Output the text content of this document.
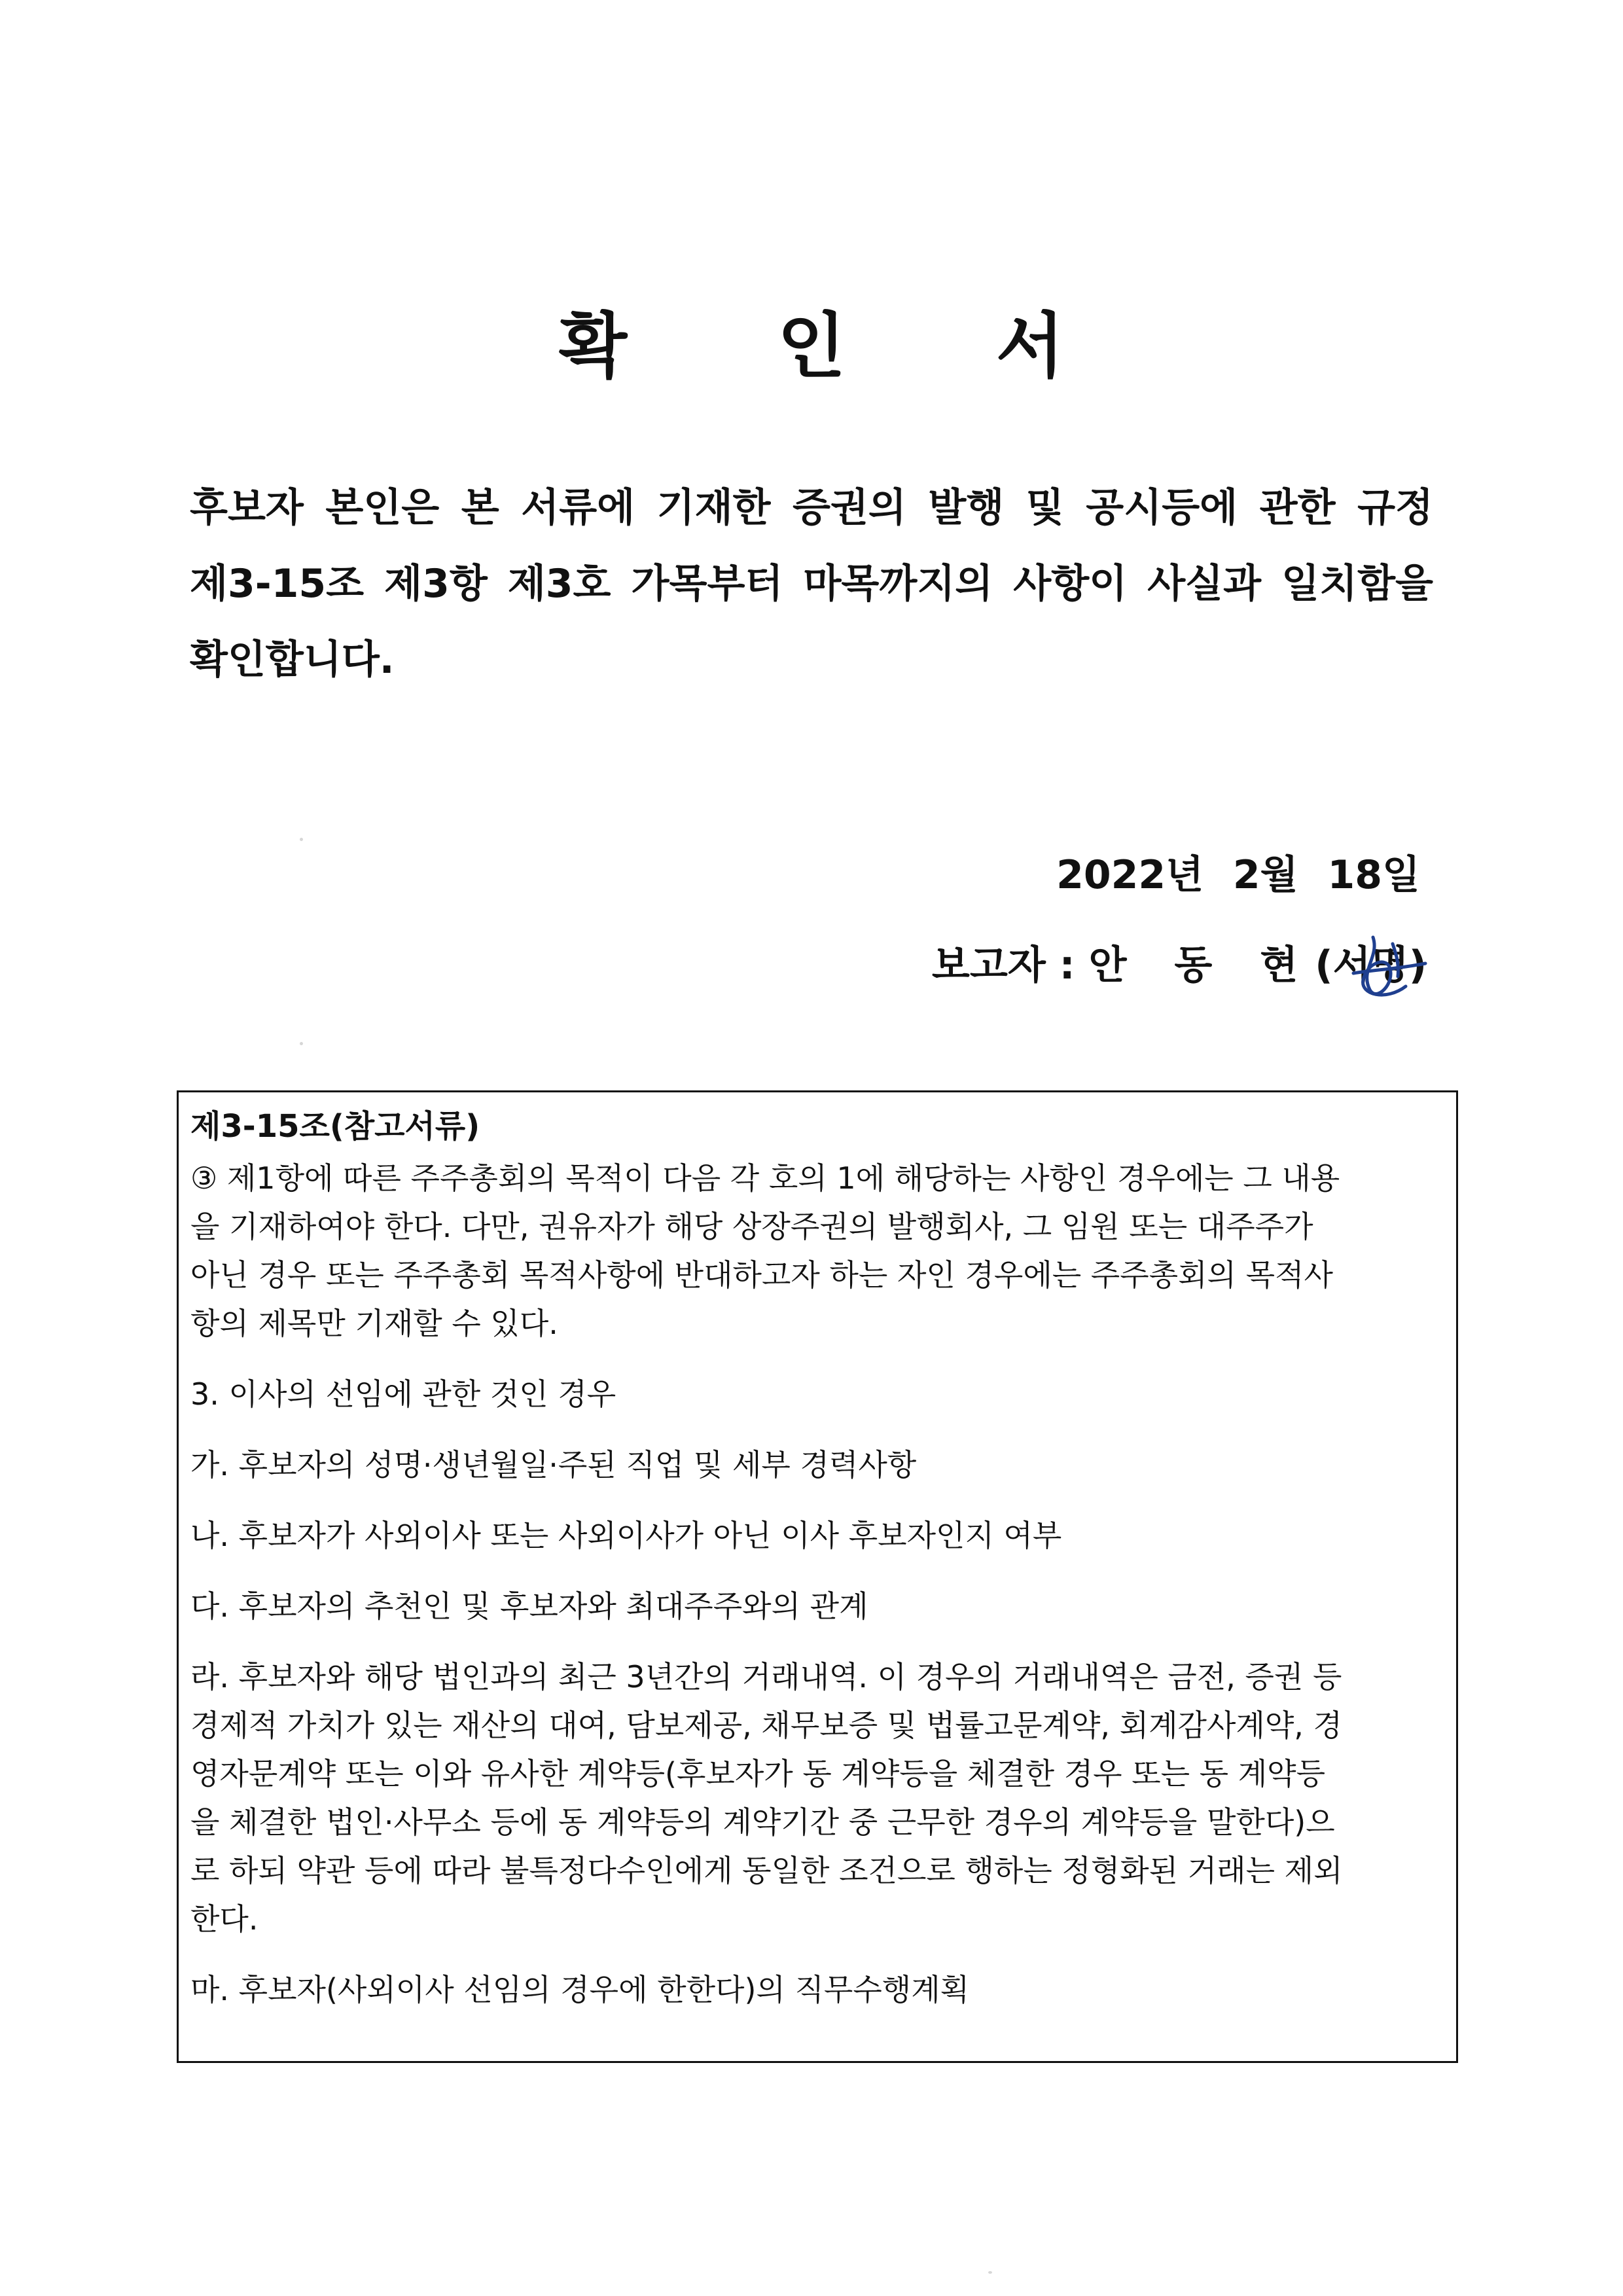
확 인 서
후보자 본인은 본 서류에 기재한 증권의 발행 및 공시등에 관한 규정
제3-15조 제3항 제3호 가목부터 마목까지의 사항이 사실과 일치함을
확인합니다.
2022년 2월 18일
보고자 : 안 동 현(서명)
제3-15조(참고서류)
③ 제1항에 따른 주주총회의 목적이 다음 각 호의 1에 해당하는 사항인 경우에는 그 내용
을 기재하여야 한다. 다만, 권유자가 해당 상장주권의 발행회사, 그 임원 또는 대주주가
아닌 경우 또는 주주총회 목적사항에 반대하고자 하는 자인 경우에는 주주총회의 목적사
항의 제목만 기재할 수 있다.
3. 이사의 선임에 관한 것인 경우
가. 후보자의 성명·생년월일·주된 직업 및 세부 경력사항
나. 후보자가 사외이사 또는 사외이사가 아닌 이사 후보자인지 여부
다. 후보자의 추천인 및 후보자와 최대주주와의 관계
라. 후보자와 해당 법인과의 최근 3년간의 거래내역. 이 경우의 거래내역은 금전, 증권 등
경제적 가치가 있는 재산의 대여, 담보제공, 채무보증 및 법률고문계약, 회계감사계약, 경
영자문계약 또는 이와 유사한 계약등(후보자가 동 계약등을 체결한 경우 또는 동 계약등
을 체결한 법인·사무소 등에 동 계약등의 계약기간 중 근무한 경우의 계약등을 말한다)으
로 하되 약관 등에 따라 불특정다수인에게 동일한 조건으로 행하는 정형화된 거래는 제외
한다.
마. 후보자(사외이사 선임의 경우에 한한다)의 직무수행계획
